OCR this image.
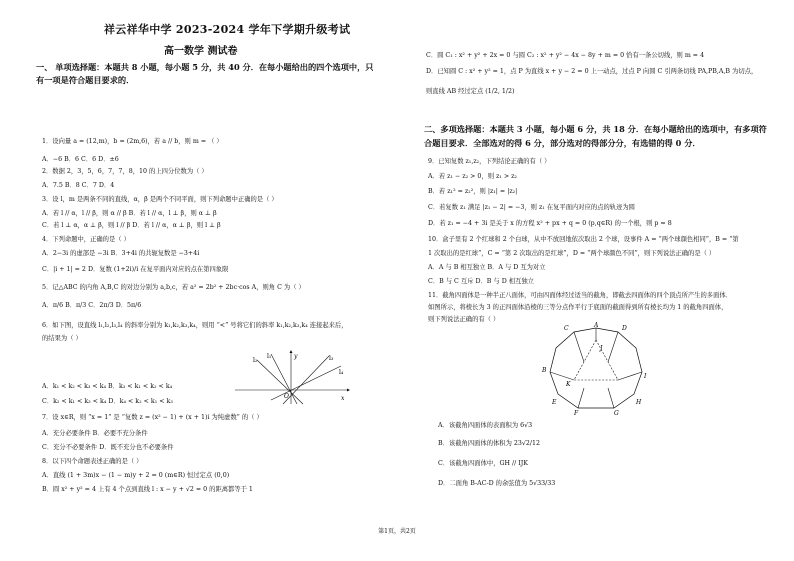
祥云祥华中学 2023-2024 学年下学期升级考试
高一数学 测试卷
一、 单项选择题：本题共 8 小题，每小题 5 分，共 40 分．在每小题给出的四个选项中，只
有一项是符合题目要求的．
1．设向量 a = (12,m)，b = (2m,6)，若 a // b，则 m = （ ）
A．−6 B．6 C．6 D．±6
2．数据 2，3，5，6，7，7，8，10 的上四分位数为（ ）
A．7.5 B．8 C．7 D．4
3．设 l，m 是两条不同的直线，α，β 是两个不同平面，则下列命题中正确的是（ ）
A．若 l // α，l // β，则 α // β B．若 l // α，l ⊥ β，则 α ⊥ β
C．若 l ⊥ α，α ⊥ β，则 l // β D．若 l // α，α ⊥ β，则 l ⊥ β
4．下列命题中，正确的是（ ）
A．2−3i 的虚部是 −3i B．3+4i 的共轭复数是 −3+4i
C．|i + 1| = 2 D．复数 (1+2i)/i 在复平面内对应的点在第四象限
5．记△ABC 的内角 A,B,C 的对边分别为 a,b,c，若 a² = 2b² + 2bc·cos A，则角 C 为（ ）
A．π/6 B．π/3 C．2π/3 D．5π/6
6．如下图，设直线 l₁,l₂,l₃,l₄ 的斜率分别为 k₁,k₂,k₃,k₄，则用 “<” 号将它们的斜率 k₁,k₂,k₃,k₄ 连接起来后，
的结果为（ ）
l₂
l₁	l₃
l₄
O	x
y
A．k₁ < k₂ < k₃ < k₄ B．k₃ < k₁ < k₂ < k₄
C．k₂ < k₁ < k₃ < k₄ D．k₄ < k₂ < k₁ < k₃
7．设 x∈R，则 “x = 1” 是 “复数 z = (x² − 1) + (x + 1)i 为纯虚数” 的（ ）
A．充分必要条件 B．必要不充分条件
C．充分不必要条件 D．既不充分也不必要条件
8．以下四个命题表述正确的是（ ）
A．直线 (1 + 3m)x − (1 − m)y + 2 = 0 (m∈R) 恒过定点 (0,0)
B．圆 x² + y² = 4 上有 4 个点到直线 l : x − y + √2 = 0 的距离都等于 1
C．圆 C₁ : x² + y² + 2x = 0 与圆 C₂ : x² + y² − 4x − 8y + m = 0 恰有一条公切线，则 m = 4
D．已知圆 C : x² + y² = 1，点 P 为直线 x + y − 2 = 0 上一动点，过点 P 向圆 C 引两条切线 PA,PB,A,B 为切点，
则直线 AB 经过定点 (1/2, 1/2)
二、多项选择题：本题共 3 小题，每小题 6 分，共 18 分．在每小题给出的选项中，有多项符
合题目要求．全部选对的得 6 分，部分选对的得部分分，有选错的得 0 分．
9．已知复数 z₁,z₂，下列结论正确的有（ ）
A．若 z₁ − z₂ > 0，则 z₁ > z₂
B．若 z₁² = z₂²，则 |z₁| = |z₂|
C．若复数 z₁ 满足 |z₁ − 2| = −3，则 z₁ 在复平面内对应的点的轨迹为圆
D．若 z₁ = −4 + 3i 是关于 x 的方程 x² + px + q = 0 (p,q∈R) 的一个根，则 p = 8
10．盒子里有 2 个红球和 2 个白球，从中不放回地依次取出 2 个球，设事件 A = “两个球颜色相同”，B = “第
1 次取出的是红球”，C = “第 2 次取出的是红球”，D = “两个球颜色不同”，则下列说法正确的是（ ）
A．A 与 B 相互独立 B．A 与 D 互为对立
C．B 与 C 互斥 D．B 与 D 相互独立
11．截角四面体是一种半正八面体，可由四面体经过适当的截角，即截去四面体的四个顶点所产生的多面体．
如图所示，将棱长为 3 的正四面体沿棱的三等分点作平行于底面的截面得到所有棱长均为 1 的截角四面体，
则下列说法正确的有（ ）
A
B
C	D
E
F	G
H
I
J
K
A．该截角四面体的表面积为 6√3
B．该截角四面体的体积为 23√2/12
C．该截角四面体中，GH // IJK
D．二面角 B-AC-D 的余弦值为 5√33/33
第1页，共2页
